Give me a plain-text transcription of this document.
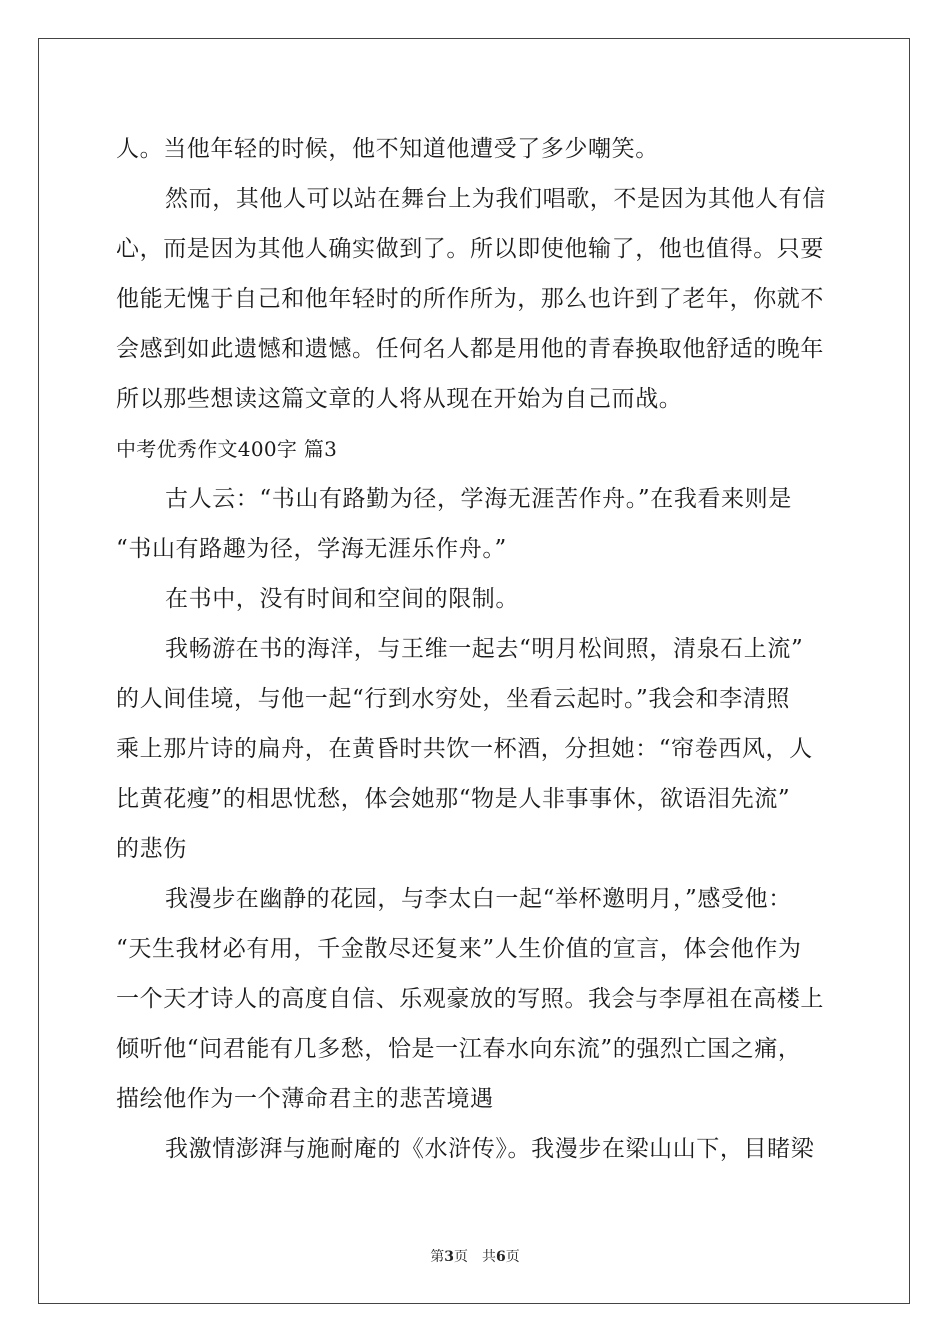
人。当他年轻的时候，他不知道他遭受了多少嘲笑。
然而，其他人可以站在舞台上为我们唱歌，不是因为其他人有信
心，而是因为其他人确实做到了。所以即使他输了，他也值得。只要
他能无愧于自己和他年轻时的所作所为，那么也许到了老年，你就不
会感到如此遗憾和遗憾。任何名人都是用他的青春换取他舒适的晚年
所以那些想读这篇文章的人将从现在开始为自己而战。
中考优秀作文400字 篇3
古人云：“书山有路勤为径，学海无涯苦作舟。”在我看来则是
“书山有路趣为径，学海无涯乐作舟。”
在书中，没有时间和空间的限制。
我畅游在书的海洋，与王维一起去“明月松间照，清泉石上流”
的人间佳境，与他一起“行到水穷处，坐看云起时。”我会和李清照
乘上那片诗的扁舟，在黄昏时共饮一杯酒，分担她：“帘卷西风，人
比黄花瘦”的相思忧愁，体会她那“物是人非事事休，欲语泪先流”
的悲伤
我漫步在幽静的花园，与李太白一起“举杯邀明月，”感受他：
“天生我材必有用，千金散尽还复来”人生价值的宣言，体会他作为
一个天才诗人的高度自信、乐观豪放的写照。我会与李厚祖在高楼上
倾听他“问君能有几多愁，恰是一江春水向东流”的强烈亡国之痛，
描绘他作为一个薄命君主的悲苦境遇
我激情澎湃与施耐庵的《水浒传》。我漫步在梁山山下，目睹梁
第3页　共6页
